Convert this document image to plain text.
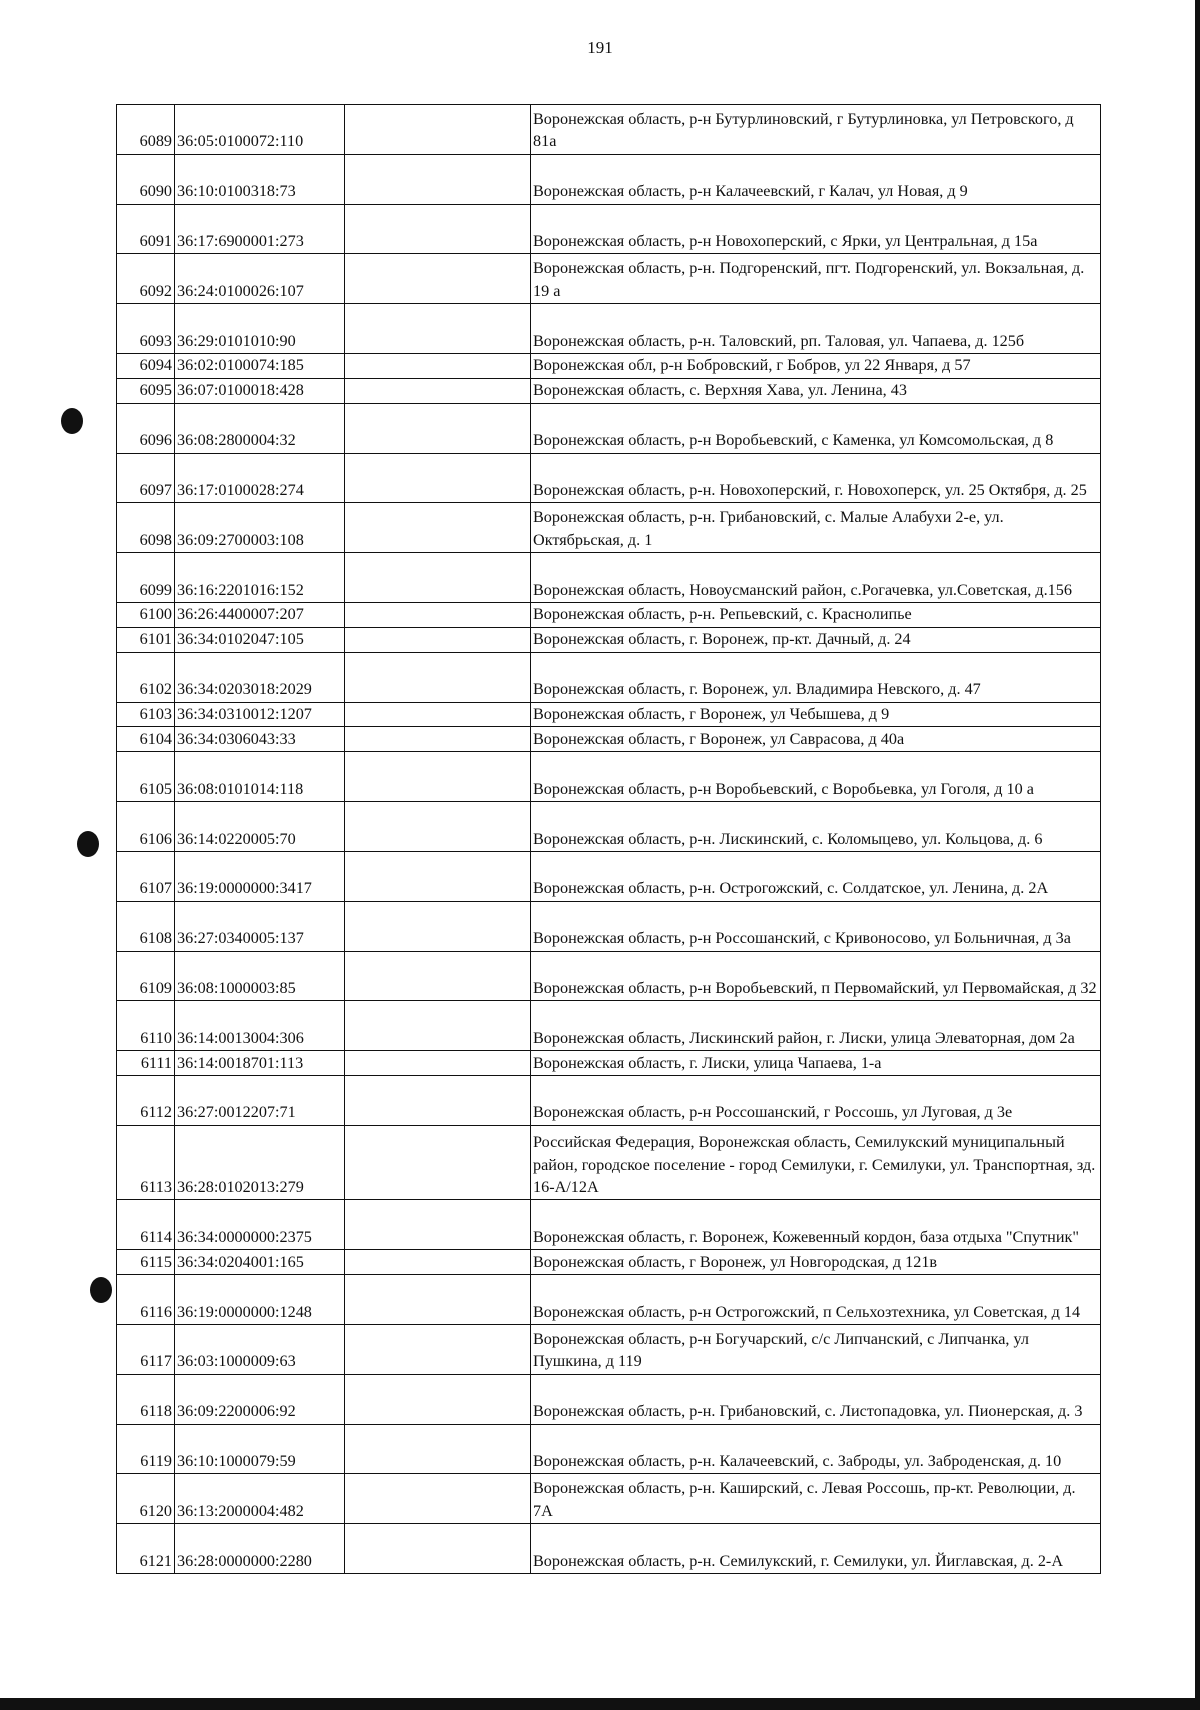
191
6089	36:05:0100072:110		Воронежская область, р-н Бутурлиновский, г Бутурлиновка, ул Петровского, д 81а
6090	36:10:0100318:73		Воронежская область, р-н Калачеевский, г Калач, ул Новая, д 9
6091	36:17:6900001:273		Воронежская область, р-н Новохоперский, с Ярки, ул Центральная, д 15а
6092	36:24:0100026:107		Воронежская область, р-н. Подгоренский, пгт. Подгоренский, ул. Вокзальная, д. 19 а
6093	36:29:0101010:90		Воронежская область, р-н. Таловский, рп. Таловая, ул. Чапаева, д. 125б
6094	36:02:0100074:185		Воронежская обл, р-н Бобровский, г Бобров, ул 22 Января, д 57
6095	36:07:0100018:428		Воронежская область, с. Верхняя Хава, ул. Ленина, 43
6096	36:08:2800004:32		Воронежская область, р-н Воробьевский, с Каменка, ул Комсомольская, д 8
6097	36:17:0100028:274		Воронежская область, р-н. Новохоперский, г. Новохоперск, ул. 25 Октября, д. 25
6098	36:09:2700003:108		Воронежская область, р-н. Грибановский, с. Малые Алабухи 2-е, ул. Октябрьская, д. 1
6099	36:16:2201016:152		Воронежская область, Новоусманский район, с.Рогачевка, ул.Советская, д.156
6100	36:26:4400007:207		Воронежская область, р-н. Репьевский, с. Краснолипье
6101	36:34:0102047:105		Воронежская область, г. Воронеж, пр-кт. Дачный, д. 24
6102	36:34:0203018:2029		Воронежская область, г. Воронеж, ул. Владимира Невского, д. 47
6103	36:34:0310012:1207		Воронежская область, г Воронеж, ул Чебышева, д 9
6104	36:34:0306043:33		Воронежская область, г Воронеж, ул Саврасова, д 40а
6105	36:08:0101014:118		Воронежская область, р-н Воробьевский, с Воробьевка, ул Гоголя, д 10 а
6106	36:14:0220005:70		Воронежская область, р-н. Лискинский, с. Коломыцево, ул. Кольцова, д. 6
6107	36:19:0000000:3417		Воронежская область, р-н. Острогожский, с. Солдатское, ул. Ленина, д. 2А
6108	36:27:0340005:137		Воронежская область, р-н Россошанский, с Кривоносово, ул Больничная, д 3а
6109	36:08:1000003:85		Воронежская область, р-н Воробьевский, п Первомайский, ул Первомайская, д 32
6110	36:14:0013004:306		Воронежская область, Лискинский район, г. Лиски, улица Элеваторная, дом 2а
6111	36:14:0018701:113		Воронежская область, г. Лиски, улица Чапаева, 1-а
6112	36:27:0012207:71		Воронежская область, р-н Россошанский, г Россошь, ул Луговая, д 3е
6113	36:28:0102013:279		Российская Федерация, Воронежская область, Семилукский муниципальный район, городское поселение - город Семилуки, г. Семилуки, ул. Транспортная, зд. 16-А/12А
6114	36:34:0000000:2375		Воронежская область, г. Воронеж, Кожевенный кордон, база отдыха "Спутник"
6115	36:34:0204001:165		Воронежская область, г Воронеж, ул Новгородская, д 121в
6116	36:19:0000000:1248		Воронежская область, р-н Острогожский, п Сельхозтехника, ул Советская, д 14
6117	36:03:1000009:63		Воронежская область, р-н Богучарский, с/с Липчанский, с Липчанка, ул Пушкина, д 119
6118	36:09:2200006:92		Воронежская область, р-н. Грибановский, с. Листопадовка, ул. Пионерская, д. 3
6119	36:10:1000079:59		Воронежская область, р-н. Калачеевский, с. Заброды, ул. Заброденская, д. 10
6120	36:13:2000004:482		Воронежская область, р-н. Каширский, с. Левая Россошь, пр-кт. Революции, д. 7А
6121	36:28:0000000:2280		Воронежская область, р-н. Семилукский, г. Семилуки, ул. Йиглавская, д. 2-А
